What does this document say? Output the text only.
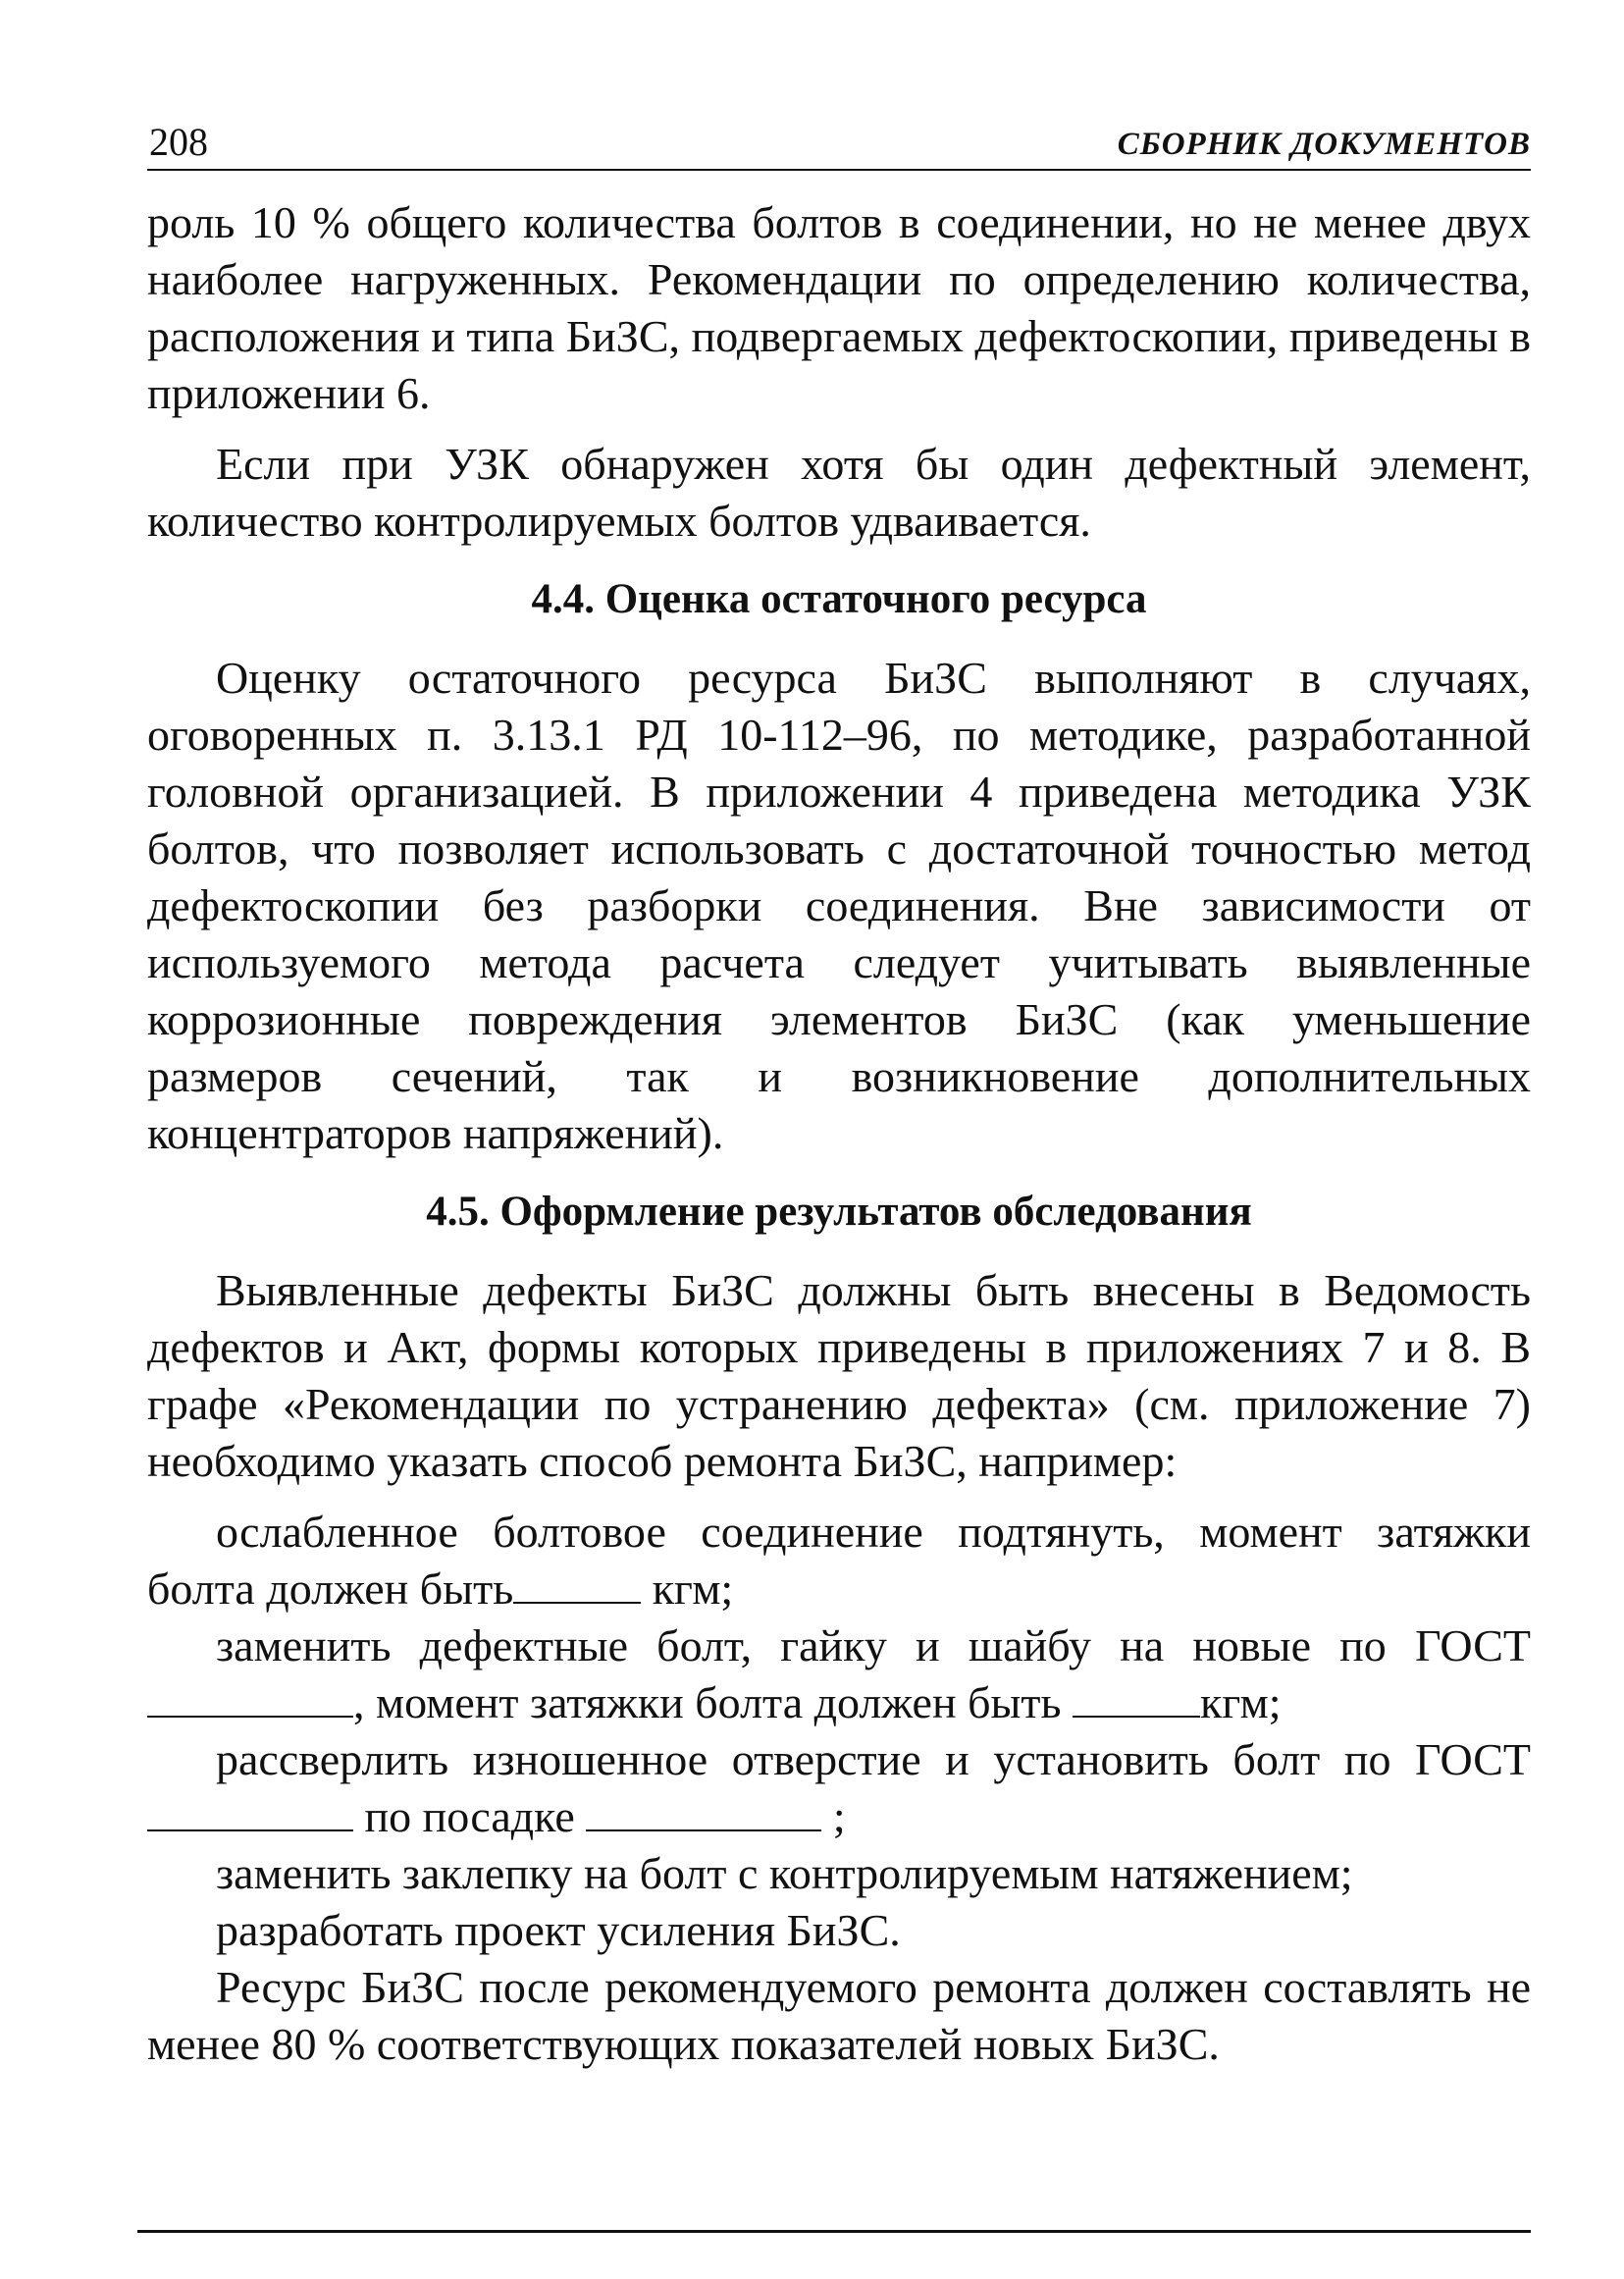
208	СБОРНИК ДОКУМЕНТОВ

роль 10 % общего количества болтов в соединении, но не менее двух наиболее нагруженных. Рекомендации по определению количества, расположения и типа БиЗС, подвергаемых дефектоскопии, приведены в приложении 6.

Если при УЗК обнаружен хотя бы один дефектный элемент, количество контролируемых болтов удваивается.

4.4. Оценка остаточного ресурса

Оценку остаточного ресурса БиЗС выполняют в случаях, оговоренных п. 3.13.1 РД 10-112–96, по методике, разработанной головной организацией. В приложении 4 приведена методика УЗК болтов, что позволяет использовать с достаточной точностью метод дефектоскопии без разборки соединения. Вне зависимости от используемого метода расчета следует учитывать выявленные коррозионные повреждения элементов БиЗС (как уменьшение размеров сечений, так и возникновение дополнительных концентраторов напряжений).

4.5. Оформление результатов обследования

Выявленные дефекты БиЗС должны быть внесены в Ведомость дефектов и Акт, формы которых приведены в приложениях 7 и 8. В графе «Рекомендации по устранению дефекта» (см. приложение 7) необходимо указать способ ремонта БиЗС, например:

ослабленное болтовое соединение подтянуть, момент затяжки болта должен быть	кгм;

заменить дефектные болт, гайку и шайбу на новые по ГОСТ , момент затяжки болта должен быть	кгм;

рассверлить изношенное отверстие и установить болт по ГОСТ по посадке	;

заменить заклепку на болт с контролируемым натяжением;

разработать проект усиления БиЗС.

Ресурс БиЗС после рекомендуемого ремонта должен составлять не менее 80 % соответствующих показателей новых БиЗС.
